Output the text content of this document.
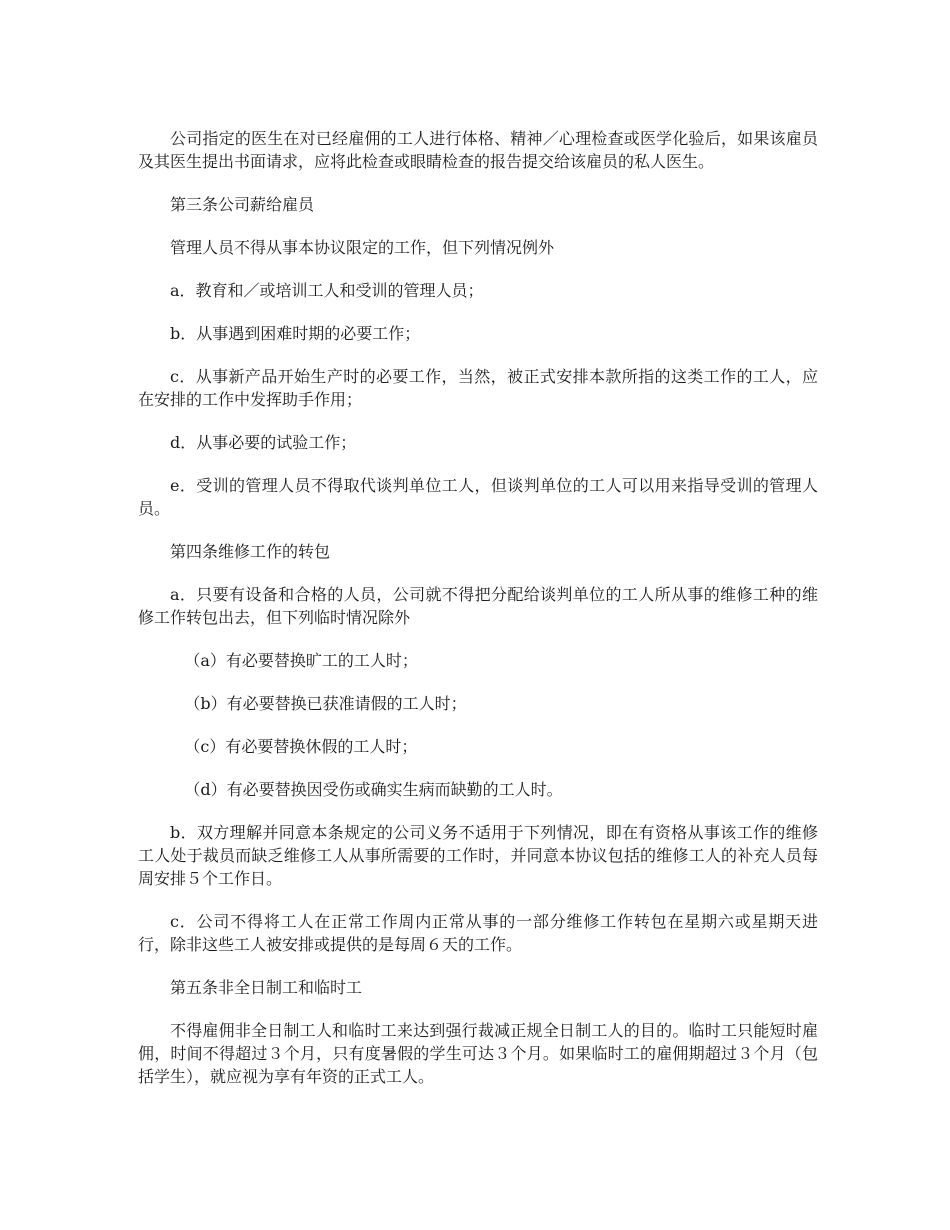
公司指定的医生在对已经雇佣的工人进行体格、精神／心理检查或医学化验后，如果该雇员及其医生提出书面请求，应将此检查或眼睛检查的报告提交给该雇员的私人医生。

第三条公司薪给雇员

管理人员不得从事本协议限定的工作，但下列情况例外

a．教育和／或培训工人和受训的管理人员；

b．从事遇到困难时期的必要工作；

c．从事新产品开始生产时的必要工作，当然，被正式安排本款所指的这类工作的工人，应在安排的工作中发挥助手作用；

d．从事必要的试验工作；

e．受训的管理人员不得取代谈判单位工人，但谈判单位的工人可以用来指导受训的管理人员。

第四条维修工作的转包

a．只要有设备和合格的人员，公司就不得把分配给谈判单位的工人所从事的维修工种的维修工作转包出去，但下列临时情况除外

（a）有必要替换旷工的工人时；

（b）有必要替换已获准请假的工人时；

（c）有必要替换休假的工人时；

（d）有必要替换因受伤或确实生病而缺勤的工人时。

b．双方理解并同意本条规定的公司义务不适用于下列情况，即在有资格从事该工作的维修工人处于裁员而缺乏维修工人从事所需要的工作时，并同意本协议包括的维修工人的补充人员每周安排５个工作日。

c．公司不得将工人在正常工作周内正常从事的一部分维修工作转包在星期六或星期天进行，除非这些工人被安排或提供的是每周６天的工作。

第五条非全日制工和临时工

不得雇佣非全日制工人和临时工来达到强行裁减正规全日制工人的目的。临时工只能短时雇佣，时间不得超过３个月，只有度暑假的学生可达３个月。如果临时工的雇佣期超过３个月（包括学生），就应视为享有年资的正式工人。
